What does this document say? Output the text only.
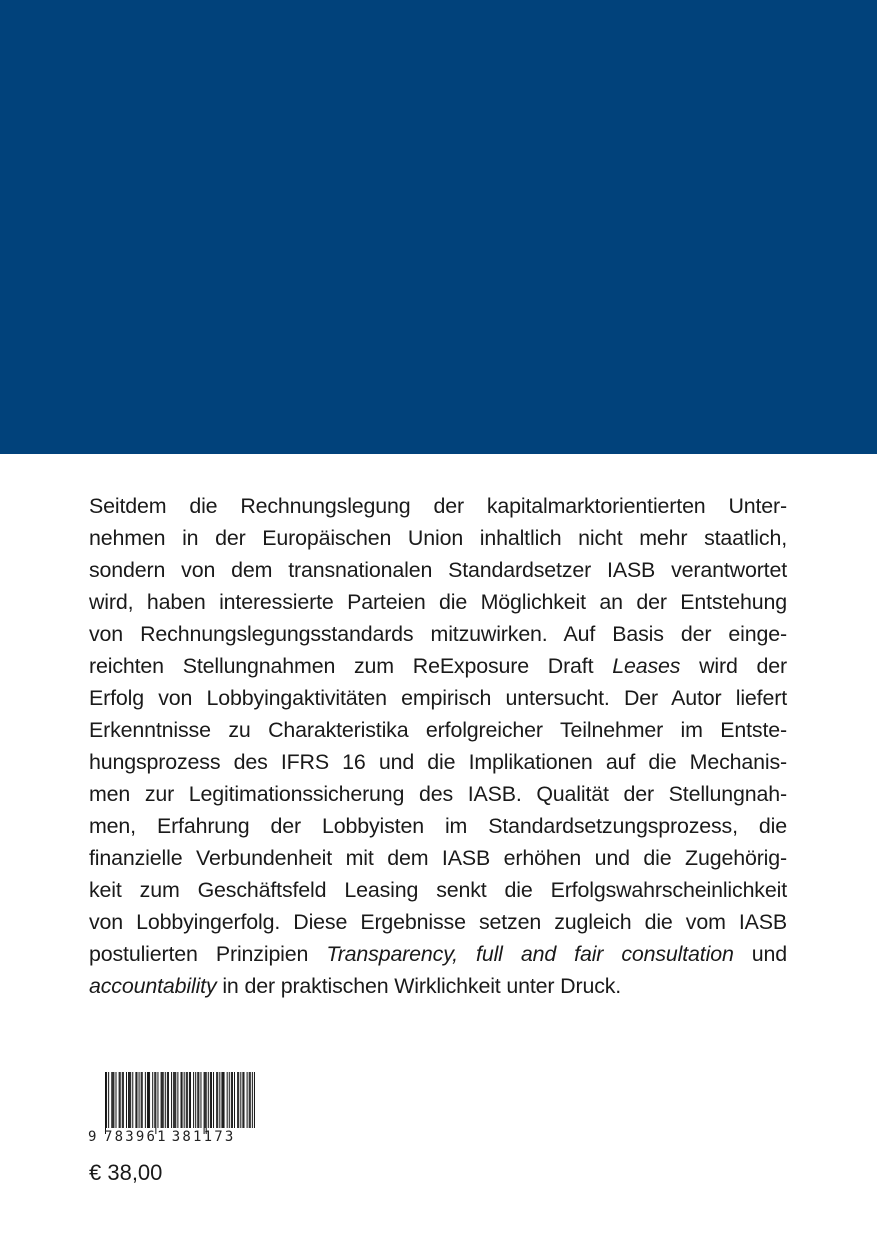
Seitdem die Rechnungslegung der kapitalmarktorientierten Unter-
nehmen in der Europäischen Union inhaltlich nicht mehr staatlich,
sondern von dem transnationalen Standardsetzer IASB verantwortet
wird, haben interessierte Parteien die Möglichkeit an der Entstehung
von Rechnungslegungsstandards mitzuwirken. Auf Basis der einge-
reichten Stellungnahmen zum ReExposure Draft Leases wird der
Erfolg von Lobbyingaktivitäten empirisch untersucht. Der Autor liefert
Erkenntnisse zu Charakteristika erfolgreicher Teilnehmer im Entste-
hungsprozess des IFRS 16 und die Implikationen auf die Mechanis-
men zur Legitimationssicherung des IASB. Qualität der Stellungnah-
men, Erfahrung der Lobbyisten im Standardsetzungsprozess, die
finanzielle Verbundenheit mit dem IASB erhöhen und die Zugehörig-
keit zum Geschäftsfeld Leasing senkt die Erfolgswahrscheinlichkeit
von Lobbyingerfolg. Diese Ergebnisse setzen zugleich die vom IASB
postulierten Prinzipien Transparency, full and fair consultation und
accountability in der praktischen Wirklichkeit unter Druck.
9 783961 381173
€ 38,00
